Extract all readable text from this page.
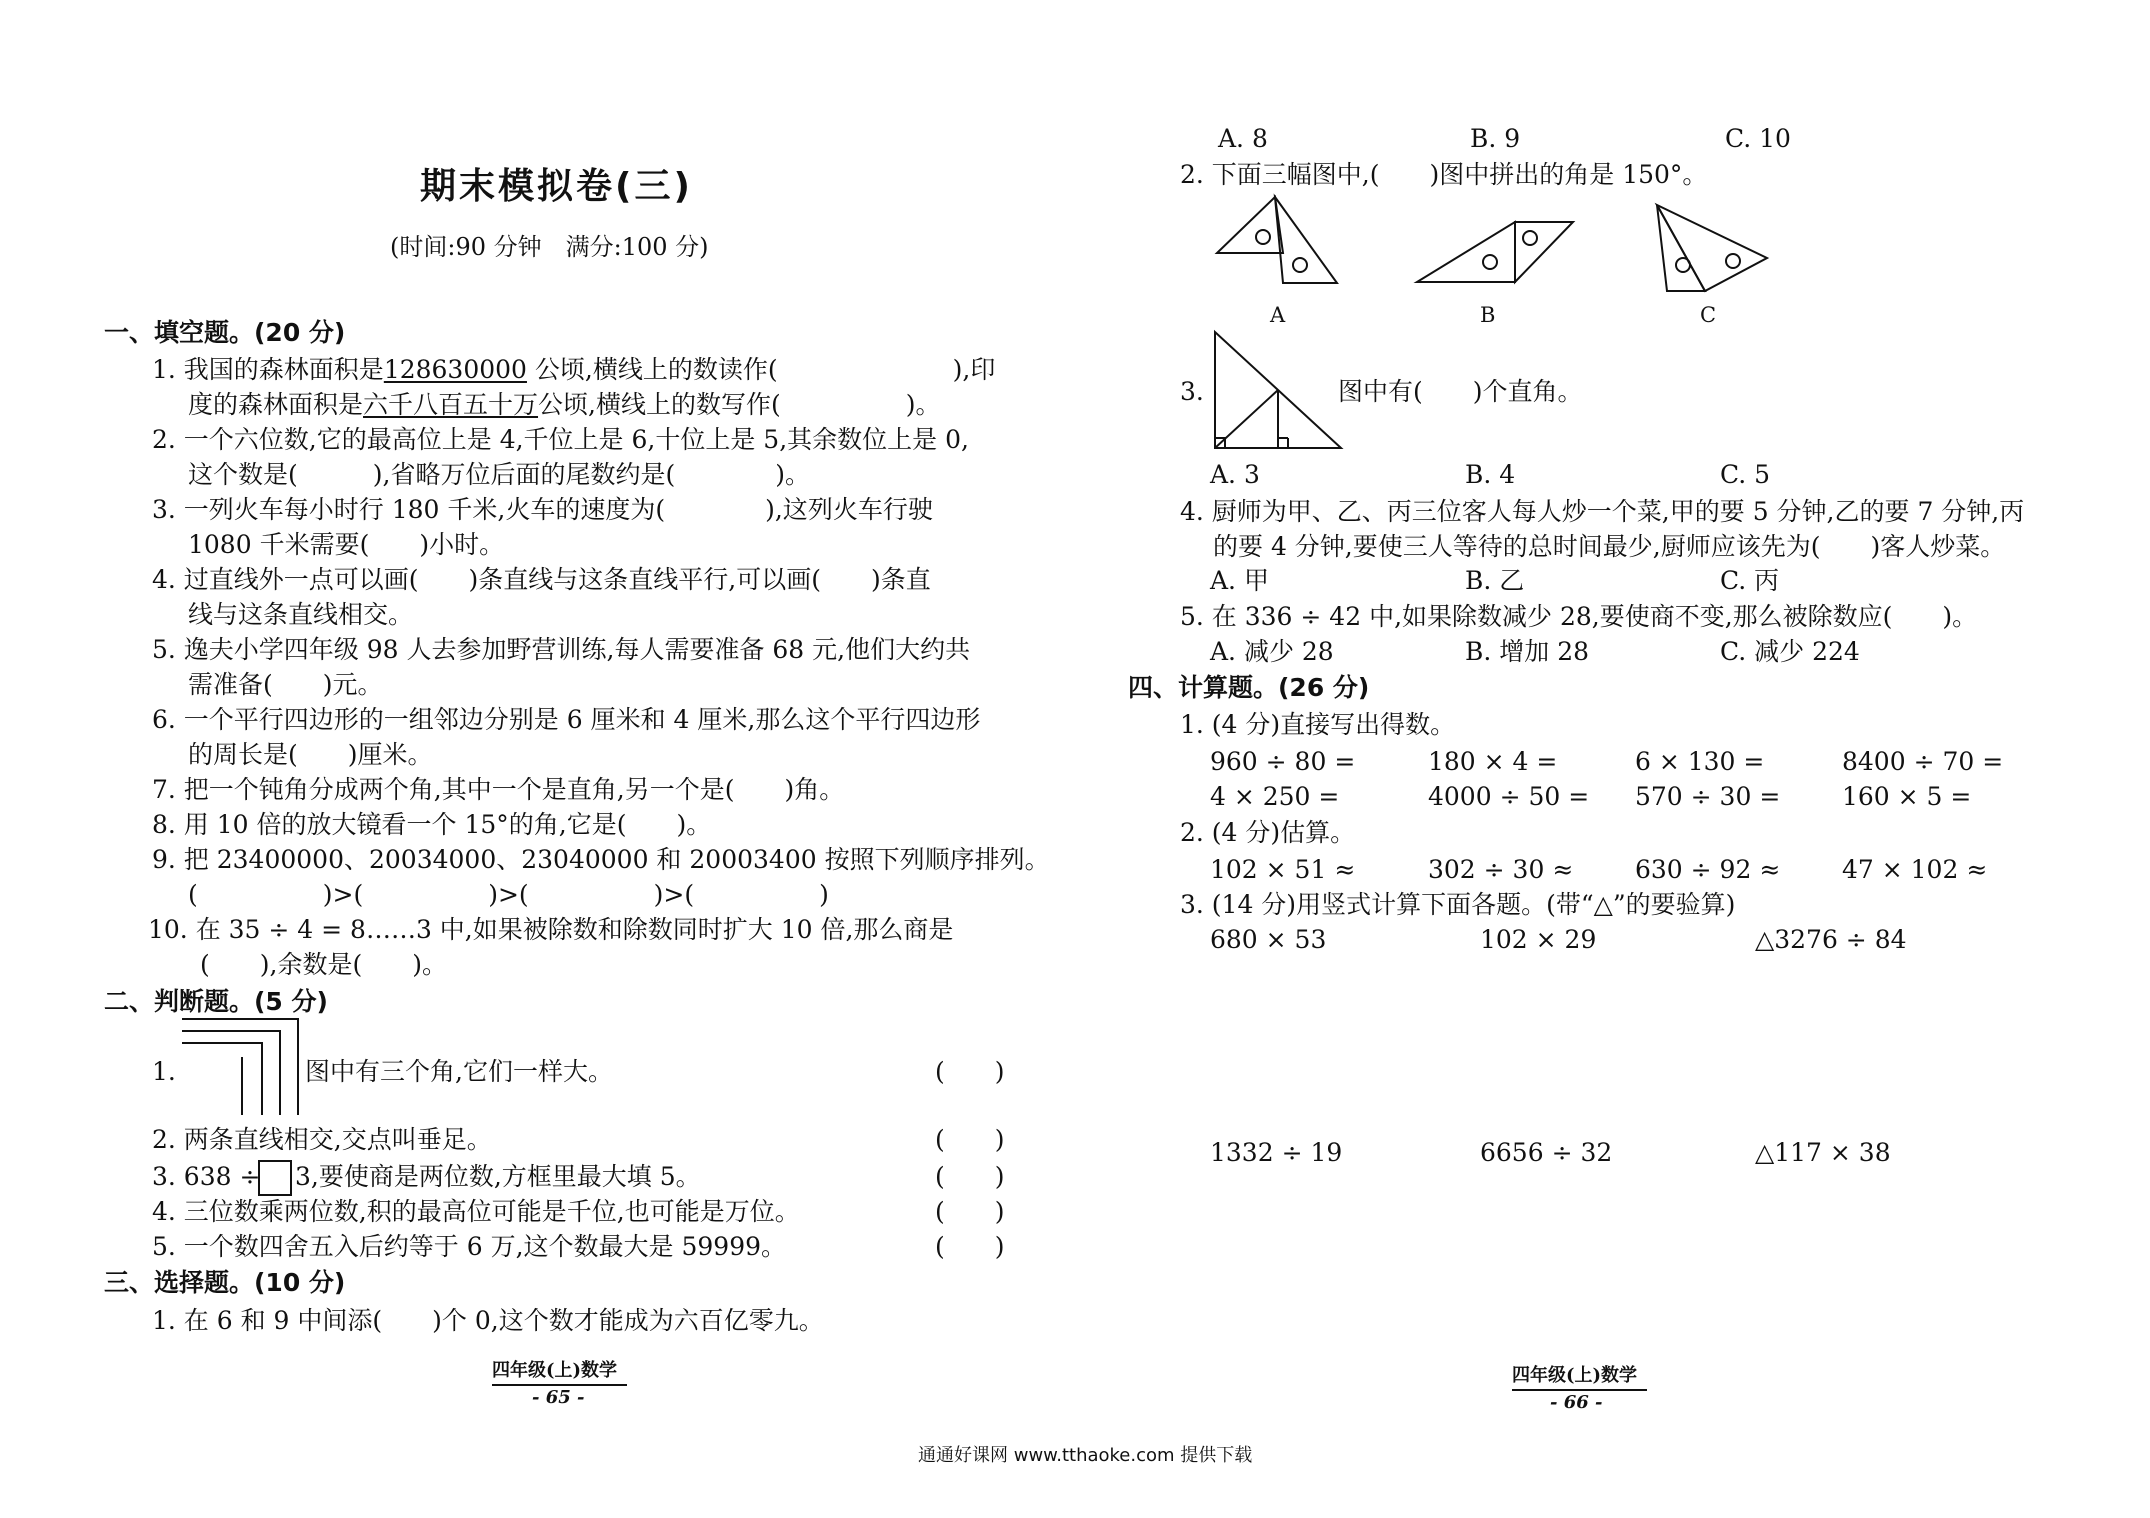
期末模拟卷(三)
(时间:90 分钟　满分:100 分)
一、填空题。(20 分)
1. 我国的森林面积是128630000 公顷,横线上的数读作(　　　　　　　),印
度的森林面积是六千八百五十万公顷,横线上的数写作(　　　　　)。
2. 一个六位数,它的最高位上是 4,千位上是 6,十位上是 5,其余数位上是 0,
这个数是(　　　),省略万位后面的尾数约是(　　　　)。
3. 一列火车每小时行 180 千米,火车的速度为(　　　　),这列火车行驶
1080 千米需要(　　)小时。
4. 过直线外一点可以画(　　)条直线与这条直线平行,可以画(　　)条直
线与这条直线相交。
5. 逸夫小学四年级 98 人去参加野营训练,每人需要准备 68 元,他们大约共
需准备(　　)元。
6. 一个平行四边形的一组邻边分别是 6 厘米和 4 厘米,那么这个平行四边形
的周长是(　　)厘米。
7. 把一个钝角分成两个角,其中一个是直角,另一个是(　　)角。
8. 用 10 倍的放大镜看一个 15°的角,它是(　　)。
9. 把 23400000、20034000、23040000 和 20003400 按照下列顺序排列。
(　　　　　)>(　　　　　)>(　　　　　)>(　　　　　)
10. 在 35 ÷ 4 = 8……3 中,如果被除数和除数同时扩大 10 倍,那么商是
(　　),余数是(　　)。
二、判断题。(5 分)
1.	图中有三个角,它们一样大。	(　　)
2. 两条直线相交,交点叫垂足。	(　　)
3. 638 ÷ 3,要使商是两位数,方框里最大填 5。	(　　)
4. 三位数乘两位数,积的最高位可能是千位,也可能是万位。	(　　)
5. 一个数四舍五入后约等于 6 万,这个数最大是 59999。	(　　)
三、选择题。(10 分)
1. 在 6 和 9 中间添(　　)个 0,这个数才能成为六百亿零九。
四年级(上)数学
- 65 -
A. 8	B. 9	C. 10
2. 下面三幅图中,(　　)图中拼出的角是 150°。
A	B	C
3.	图中有(　　)个直角。
A. 3	B. 4	C. 5
4. 厨师为甲、乙、丙三位客人每人炒一个菜,甲的要 5 分钟,乙的要 7 分钟,丙
的要 4 分钟,要使三人等待的总时间最少,厨师应该先为(　　)客人炒菜。
A. 甲	B. 乙	C. 丙
5. 在 336 ÷ 42 中,如果除数减少 28,要使商不变,那么被除数应(　　)。
A. 减少 28	B. 增加 28	C. 减少 224
四、计算题。(26 分)
1. (4 分)直接写出得数。
960 ÷ 80 =	180 × 4 =	6 × 130 =	8400 ÷ 70 =
4 × 250 =	4000 ÷ 50 = 570 ÷ 30 = 160 × 5 =
2. (4 分)估算。
102 × 51 ≈	302 ÷ 30 ≈ 630 ÷ 92 ≈ 47 × 102 ≈
3. (14 分)用竖式计算下面各题。(带“△”的要验算)
680 × 53	102 × 29	△3276 ÷ 84
1332 ÷ 19	6656 ÷ 32	△117 × 38
四年级(上)数学
- 66 -
通通好课网 www.tthaoke.com 提供下载
